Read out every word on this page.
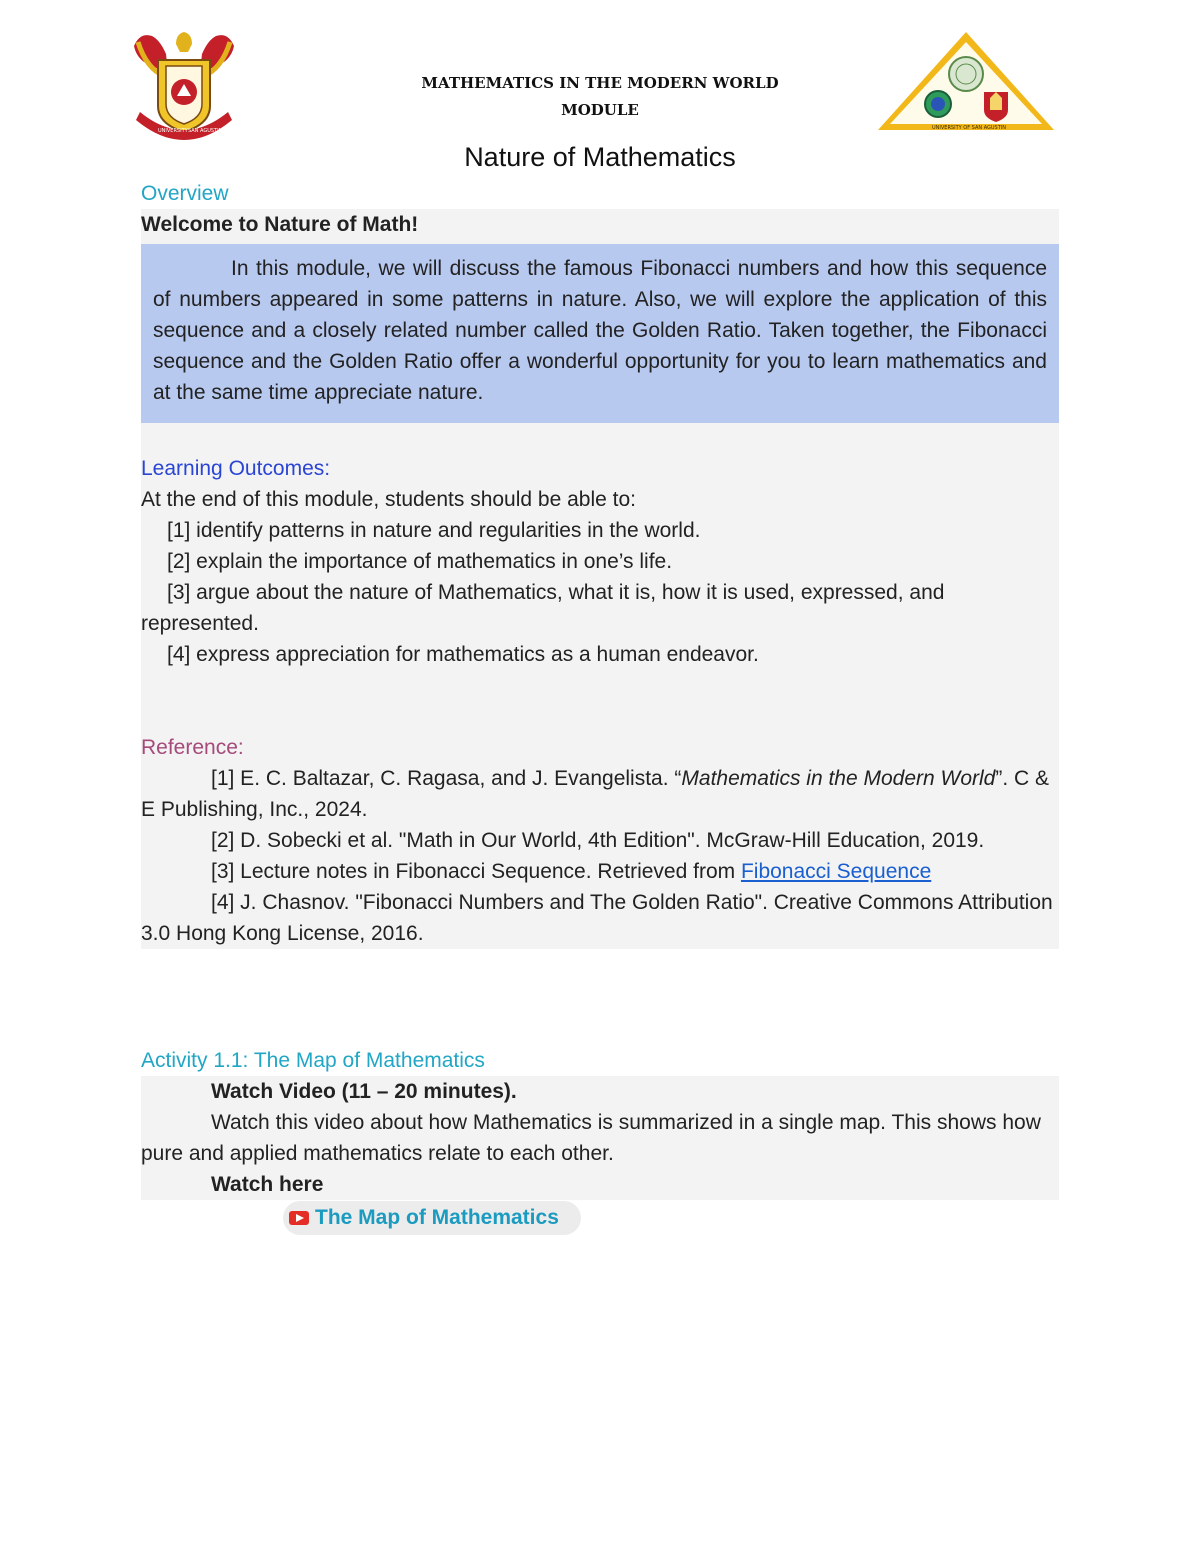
UNIVERSITY SAN AGUSTIN	UNIVERSITY OF SAN AGUSTIN
MATHEMATICS IN THE MODERN WORLD
MODULE
Nature of Mathematics
Overview
Welcome to Nature of Math!
In this module, we will discuss the famous Fibonacci numbers and how this sequence of numbers appeared in some patterns in nature. Also, we will explore the application of this sequence and a closely related number called the Golden Ratio. Taken together, the Fibonacci sequence and the Golden Ratio offer a wonderful opportunity for you to learn mathematics and at the same time appreciate nature.
Learning Outcomes:
At the end of this module, students should be able to:
[1] identify patterns in nature and regularities in the world.
[2] explain the importance of mathematics in one’s life.
[3] argue about the nature of Mathematics, what it is, how it is used, expressed, and represented.
[4] express appreciation for mathematics as a human endeavor.
Reference:
[1] E. C. Baltazar, C. Ragasa, and J. Evangelista. “Mathematics in the Modern World”. C & E Publishing, Inc., 2024.
[2] D. Sobecki et al. "Math in Our World, 4th Edition". McGraw-Hill Education, 2019.
[3] Lecture notes in Fibonacci Sequence. Retrieved from Fibonacci Sequence
[4] J. Chasnov. "Fibonacci Numbers and The Golden Ratio". Creative Commons Attribution 3.0 Hong Kong License, 2016.
Activity 1.1: The Map of Mathematics
Watch Video (11 – 20 minutes).
Watch this video about how Mathematics is summarized in a single map. This shows how pure and applied mathematics relate to each other.
Watch here
The Map of Mathematics
